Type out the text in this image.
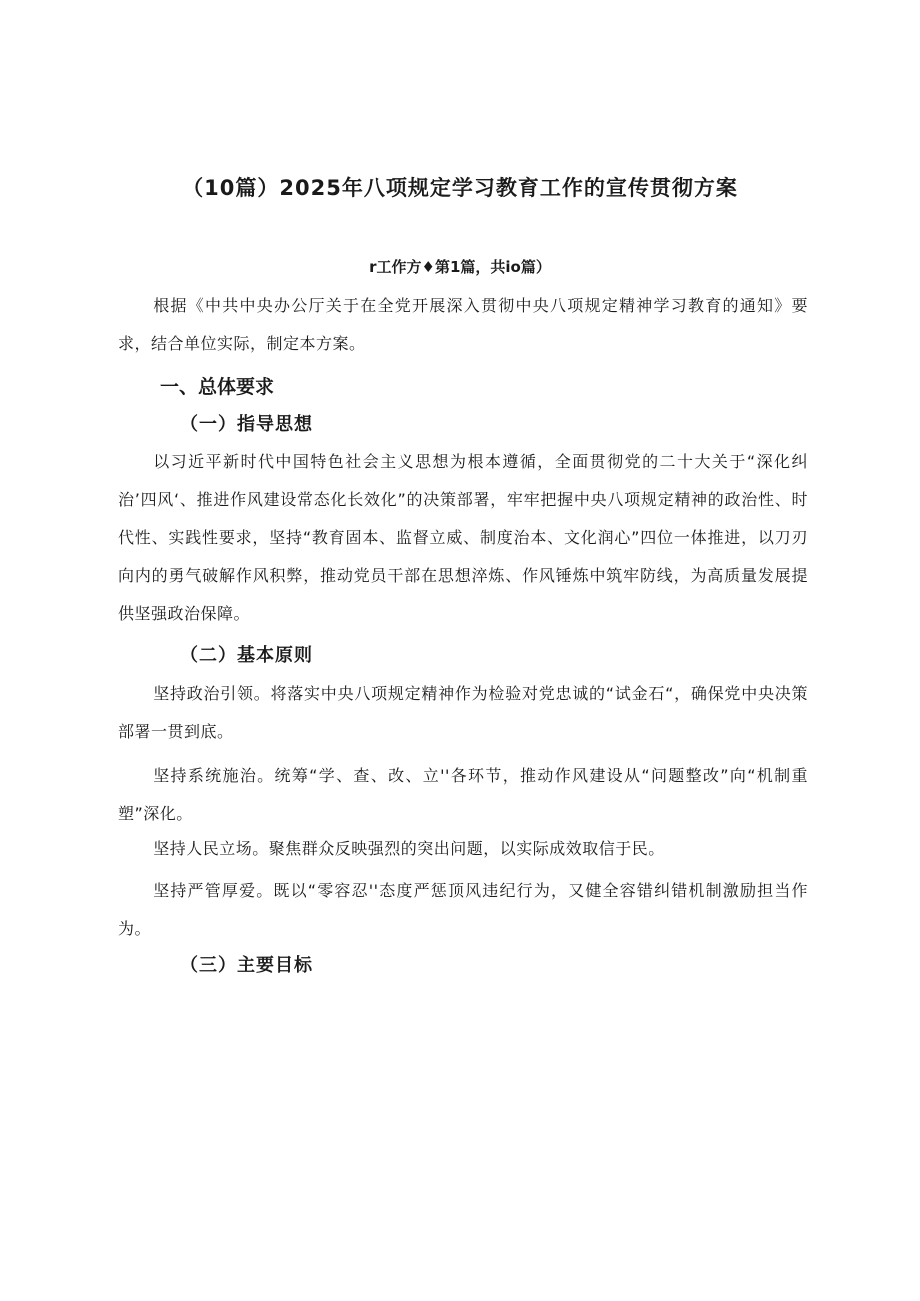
（10篇）2025年八项规定学习教育工作的宣传贯彻方案
r工作方♦第1篇，共io篇）

根据《中共中央办公厅关于在全党开展深入贯彻中央八项规定精神学习教育的通知》要求，结合单位实际，制定本方案。

一、总体要求
（一）指导思想

以习近平新时代中国特色社会主义思想为根本遵循，全面贯彻党的二十大关于“深化纠治’四风‘、推进作风建设常态化长效化”的决策部署，牢牢把握中央八项规定精神的政治性、时代性、实践性要求，坚持“教育固本、监督立威、制度治本、文化润心”四位一体推进，以刀刃向内的勇气破解作风积弊，推动党员干部在思想淬炼、作风锤炼中筑牢防线，为高质量发展提供坚强政治保障。

（二）基本原则

坚持政治引领。将落实中央八项规定精神作为检验对党忠诚的“试金石“，确保党中央决策部署一贯到底。

坚持系统施治。统筹“学、查、改、立''各环节，推动作风建设从“问题整改”向“机制重塑”深化。

坚持人民立场。聚焦群众反映强烈的突出问题，以实际成效取信于民。

坚持严管厚爱。既以“零容忍''态度严惩顶风违纪行为，又健全容错纠错机制激励担当作为。

（三）主要目标
